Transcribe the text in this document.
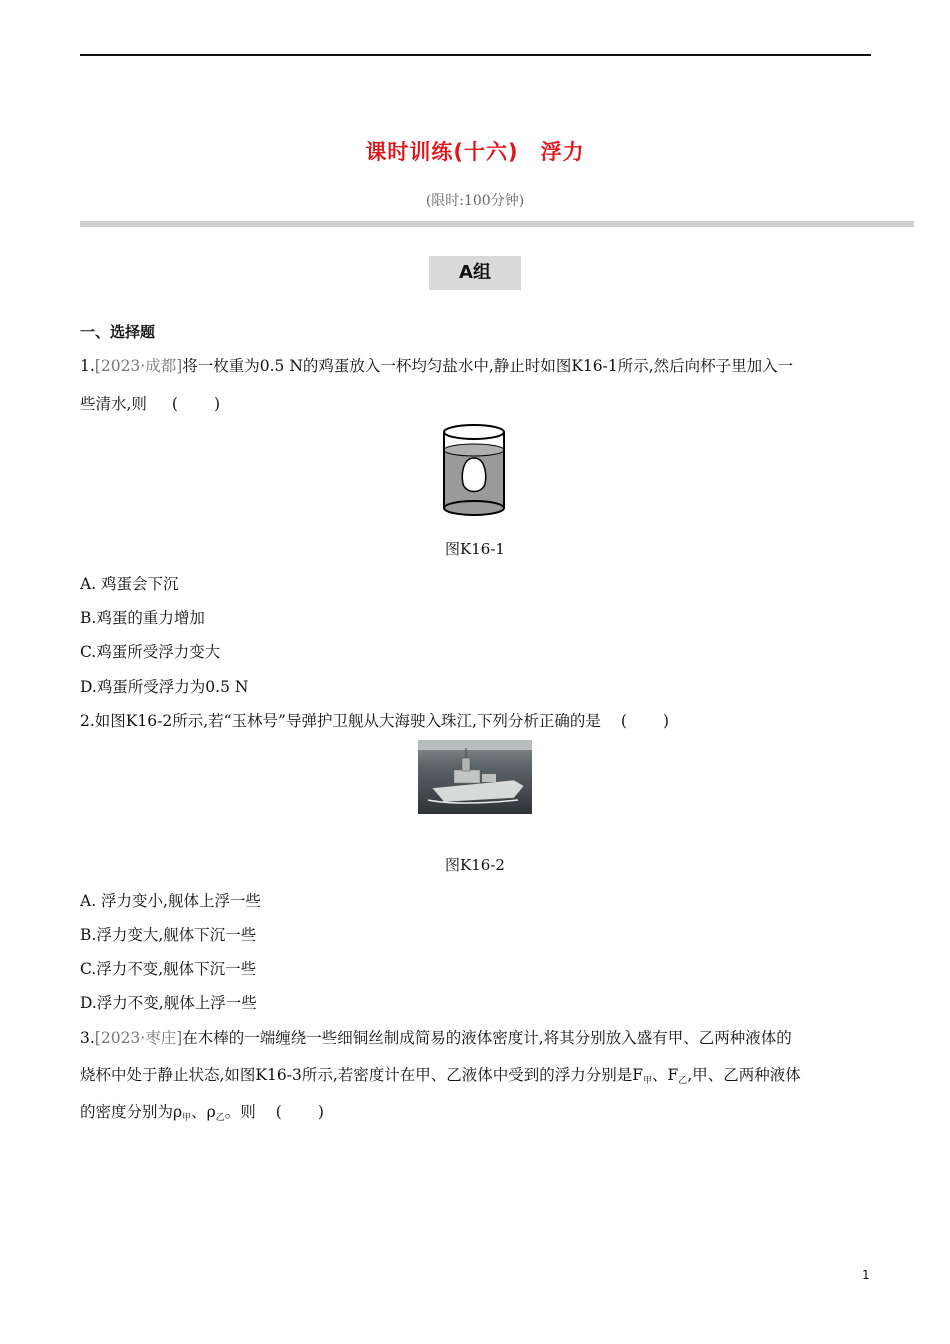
课时训练(十六) 浮力
(限时:100分钟)
A组
一、选择题
1.[2023·成都]将一枚重为0.5 N的鸡蛋放入一杯均匀盐水中,静止时如图K16-1所示,然后向杯子里加入一
些清水,则 ( )
图K16-1
A. 鸡蛋会下沉
B.鸡蛋的重力增加
C.鸡蛋所受浮力变大
D.鸡蛋所受浮力为0.5 N
2.如图K16-2所示,若“玉林号”导弹护卫舰从大海驶入珠江,下列分析正确的是 ( )
图K16-2
A. 浮力变小,舰体上浮一些
B.浮力变大,舰体下沉一些
C.浮力不变,舰体下沉一些
D.浮力不变,舰体上浮一些
3.[2023·枣庄]在木棒的一端缠绕一些细铜丝制成简易的液体密度计,将其分别放入盛有甲、乙两种液体的
烧杯中处于静止状态,如图K16-3所示,若密度计在甲、乙液体中受到的浮力分别是F甲、F乙,甲、乙两种液体
的密度分别为ρ甲、ρ乙。则 ( )
1
